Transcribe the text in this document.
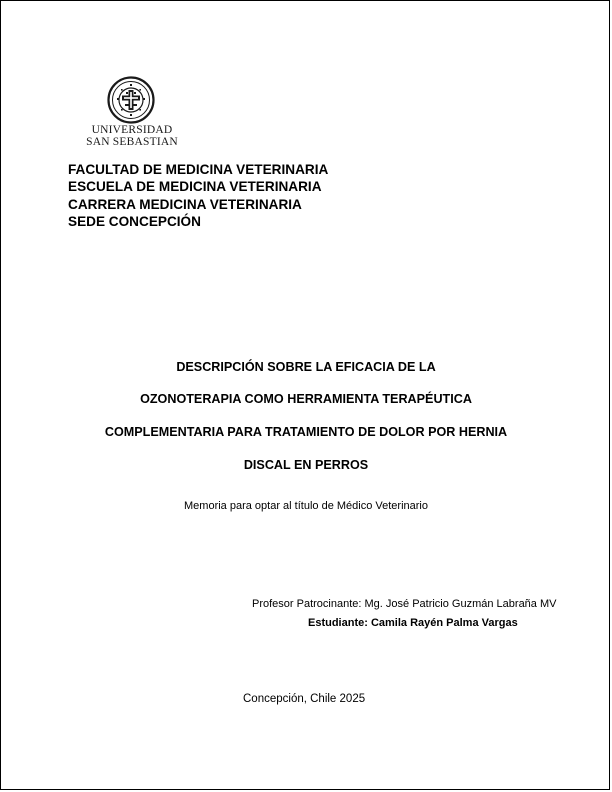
UNIVERSIDAD
SAN SEBASTIAN
FACULTAD DE MEDICINA VETERINARIA
ESCUELA DE MEDICINA VETERINARIA
CARRERA MEDICINA VETERINARIA
SEDE CONCEPCIÓN
DESCRIPCIÓN SOBRE LA EFICACIA DE LA
OZONOTERAPIA COMO HERRAMIENTA TERAPÉUTICA
COMPLEMENTARIA PARA TRATAMIENTO DE DOLOR POR HERNIA
DISCAL EN PERROS
Memoria para optar al título de Médico Veterinario
Profesor Patrocinante: Mg. José Patricio Guzmán Labraña MV
Estudiante: Camila Rayén Palma Vargas
Concepción, Chile 2025
